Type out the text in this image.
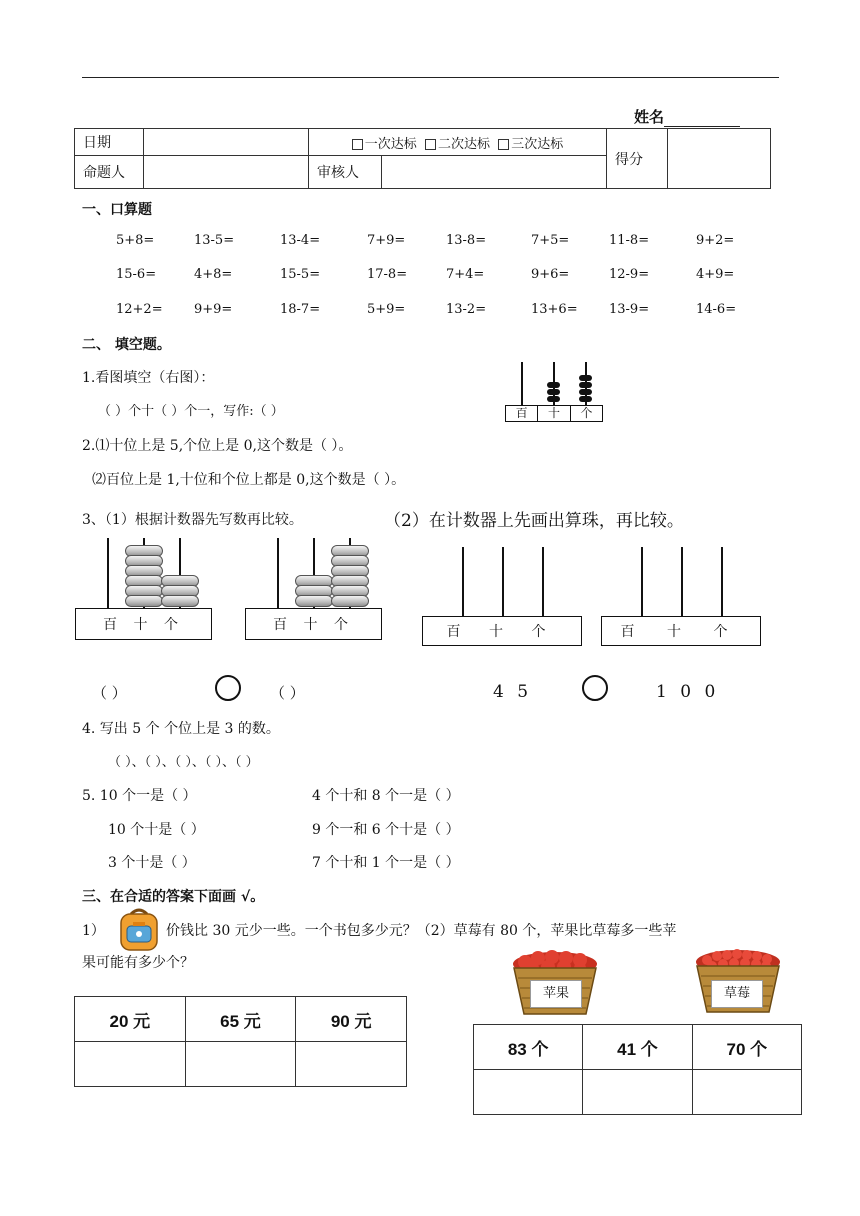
姓名
日期		一次达标 二次达标 三次达标		得分	
命题人		审核人			
一、口算题
5+8=	13-5=	13-4=	7+9=	13-8=	7+5=	11-8=	9+2=
15-6=	4+8=	15-5=	17-8=	7+4=	9+6=	12-9=	4+9=
12+2= 9+9=	18-7=	5+9=	13-2=	13+6= 13-9=	14-6=
二、 填空题。
1.看图填空（右图）：
（ ）个十（ ）个一，写作:（ ）	百	十	个
2.⑴十位上是 5,个位上是 0,这个数是（ ）。
⑵百位上是 1,十位和个位上都是 0,这个数是（ ）。
3、（1）根据计数器先写数再比较。	（2）在计数器上先画出算珠，再比较。
百 十 个	百 十 个	百 十 个	百 十 个
（ ）	（ ）	4 5	1 0 0
4. 写出 5 个 个位上是 3 的数。
（ ）、（ ）、（ ）、（ ）、（ ）
5. 10 个一是（ ）	4 个十和 8 个一是（ ）
10 个十是（ ）	9 个一和 6 个十是（ ）
3 个十是（ ）	7 个十和 1 个一是（ ）
三、在合适的答案下面画 √。
1）	价钱比 30 元少一些。一个书包多少元？（2）草莓有 80 个，苹果比草莓多一些苹
果可能有多少个？
20 元	65 元	90 元

苹果	草莓
83 个	41 个	70 个
